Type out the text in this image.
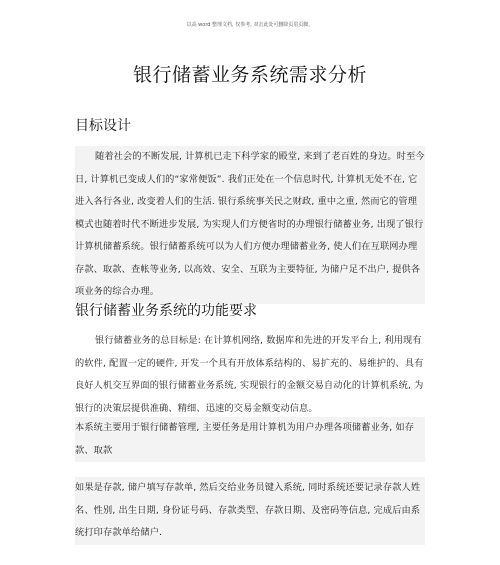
以高 word 整理文档, 仅参考, 双击此处可删除页眉页脚。
银行储蓄业务系统需求分析
目标设计
随着社会的不断发展, 计算机已走下科学家的殿堂, 来到了老百姓的身边。时至今日, 计算机已变成人们的“家常便饭”. 我们正处在一个信息时代, 计算机无处不在, 它进入各行各业, 改变着人们的生活. 银行系统事关民之财政, 重中之重, 然而它的管理模式也随着时代不断进步发展, 为实现人们方便省时的办理银行储蓄业务, 出现了银行计算机储蓄系统。银行储蓄系统可以为人们方便办理储蓄业务, 使人们在互联网办理存款、取款、查帐等业务, 以高效、安全、互联为主要特征, 为储户足不出户, 提供各项业务的综合办理。
银行储蓄业务系统的功能要求
银行储蓄业务的总目标是: 在计算机网络, 数据库和先进的开发平台上, 利用现有的软件, 配置一定的硬件, 开发一个具有开放体系结构的、易扩充的、易维护的、具有良好人机交互界面的银行储蓄业务系统, 实现银行的金额交易自动化的计算机系统, 为银行的决策层提供准确、精细、迅速的交易金额变动信息。
本系统主要用于银行储蓄管理, 主要任务是用计算机为用户办理各项储蓄业务, 如存款、取款
如果是存款, 储户填写存款单, 然后交给业务员键入系统, 同时系统还要记录存款人姓名、性别, 出生日期, 身份证号码、存款类型、存款日期、及密码等信息, 完成后由系统打印存款单给储户.
